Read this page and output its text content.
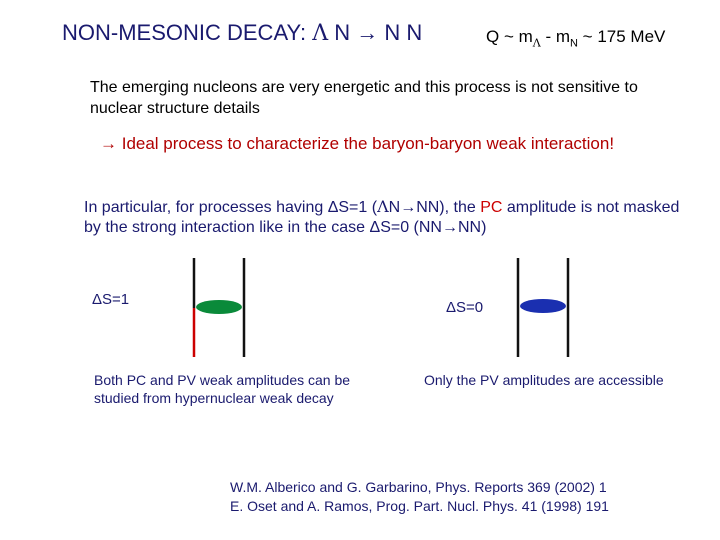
NON-MESONIC DECAY: Λ N → N N	Q ~ $m_\Lambda - m_N$ ~ 175 MeV
The emerging nucleons are very energetic and this process is not sensitive to nuclear structure details
→ Ideal process to characterize the baryon-baryon weak interaction!
In particular, for processes having ΔS=1 (ΛN→NN), the PC amplitude is not masked by the strong interaction like in the case ΔS=0 (NN→NN)
ΔS=1	ΔS=0
Both PC and PV weak amplitudes can be studied from hypernuclear weak decay
Only the PV amplitudes are accessible
W.M. Alberico and G. Garbarino, Phys. Reports 369 (2002) 1
E. Oset and A. Ramos, Prog. Part. Nucl. Phys. 41 (1998) 191
